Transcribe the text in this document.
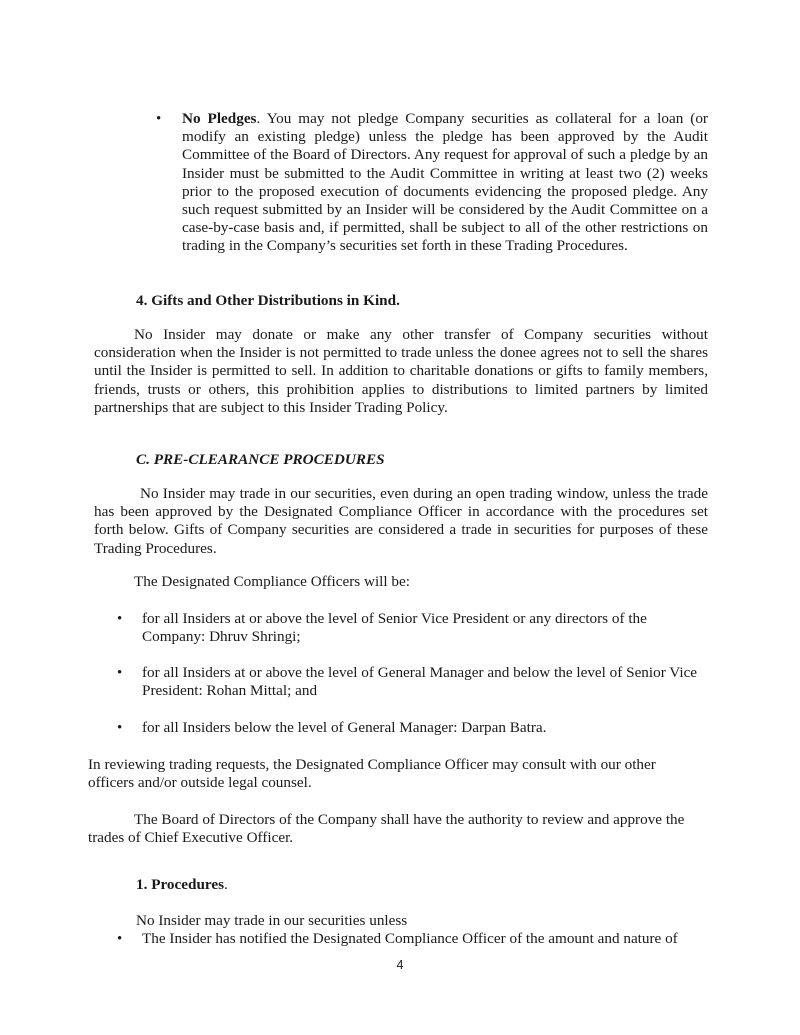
• No Pledges. You may not pledge Company securities as collateral for a loan (or modify an existing pledge) unless the pledge has been approved by the Audit Committee of the Board of Directors. Any request for approval of such a pledge by an Insider must be submitted to the Audit Committee in writing at least two (2) weeks prior to the proposed execution of documents evidencing the proposed pledge. Any such request submitted by an Insider will be considered by the Audit Committee on a case-by-case basis and, if permitted, shall be subject to all of the other restrictions on trading in the Company’s securities set forth in these Trading Procedures.

4. Gifts and Other Distributions in Kind.

No Insider may donate or make any other transfer of Company securities without consideration when the Insider is not permitted to trade unless the donee agrees not to sell the shares until the Insider is permitted to sell. In addition to charitable donations or gifts to family members, friends, trusts or others, this prohibition applies to distributions to limited partners by limited partnerships that are subject to this Insider Trading Policy.

C. PRE-CLEARANCE PROCEDURES

No Insider may trade in our securities, even during an open trading window, unless the trade has been approved by the Designated Compliance Officer in accordance with the procedures set forth below. Gifts of Company securities are considered a trade in securities for purposes of these Trading Procedures.

The Designated Compliance Officers will be:

• for all Insiders at or above the level of Senior Vice President or any directors of the Company: Dhruv Shringi;

• for all Insiders at or above the level of General Manager and below the level of Senior Vice President: Rohan Mittal; and

• for all Insiders below the level of General Manager: Darpan Batra.

In reviewing trading requests, the Designated Compliance Officer may consult with our other officers and/or outside legal counsel.

The Board of Directors of the Company shall have the authority to review and approve the trades of Chief Executive Officer.

1. Procedures.

No Insider may trade in our securities unless

• The Insider has notified the Designated Compliance Officer of the amount and nature of

4
